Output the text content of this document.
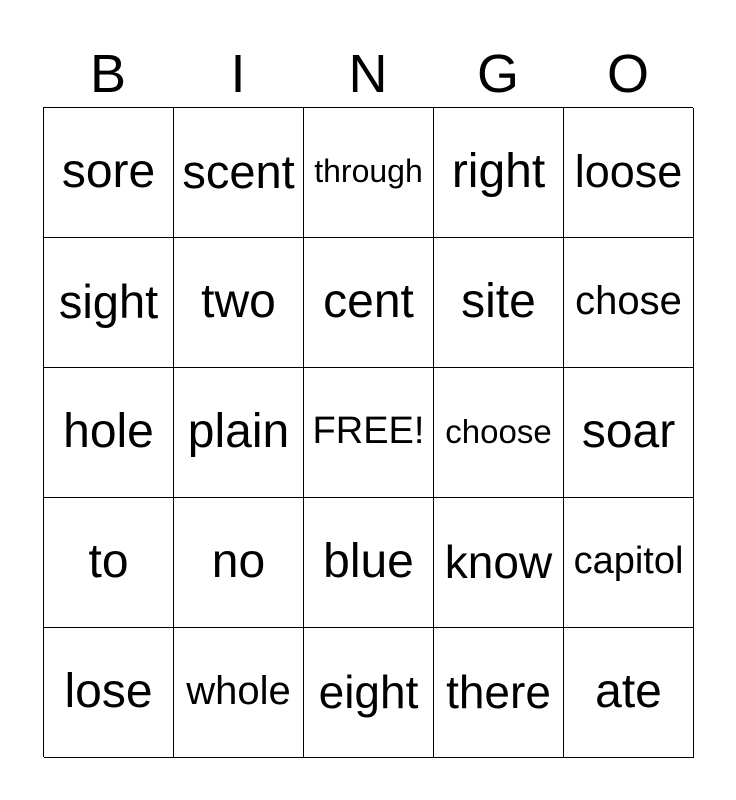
B	I	N	G	O
sore scent through right loose
sight two cent site chose
hole plain FREE! choose soar
to	no	blue know capitol
lose whole eight there ate
